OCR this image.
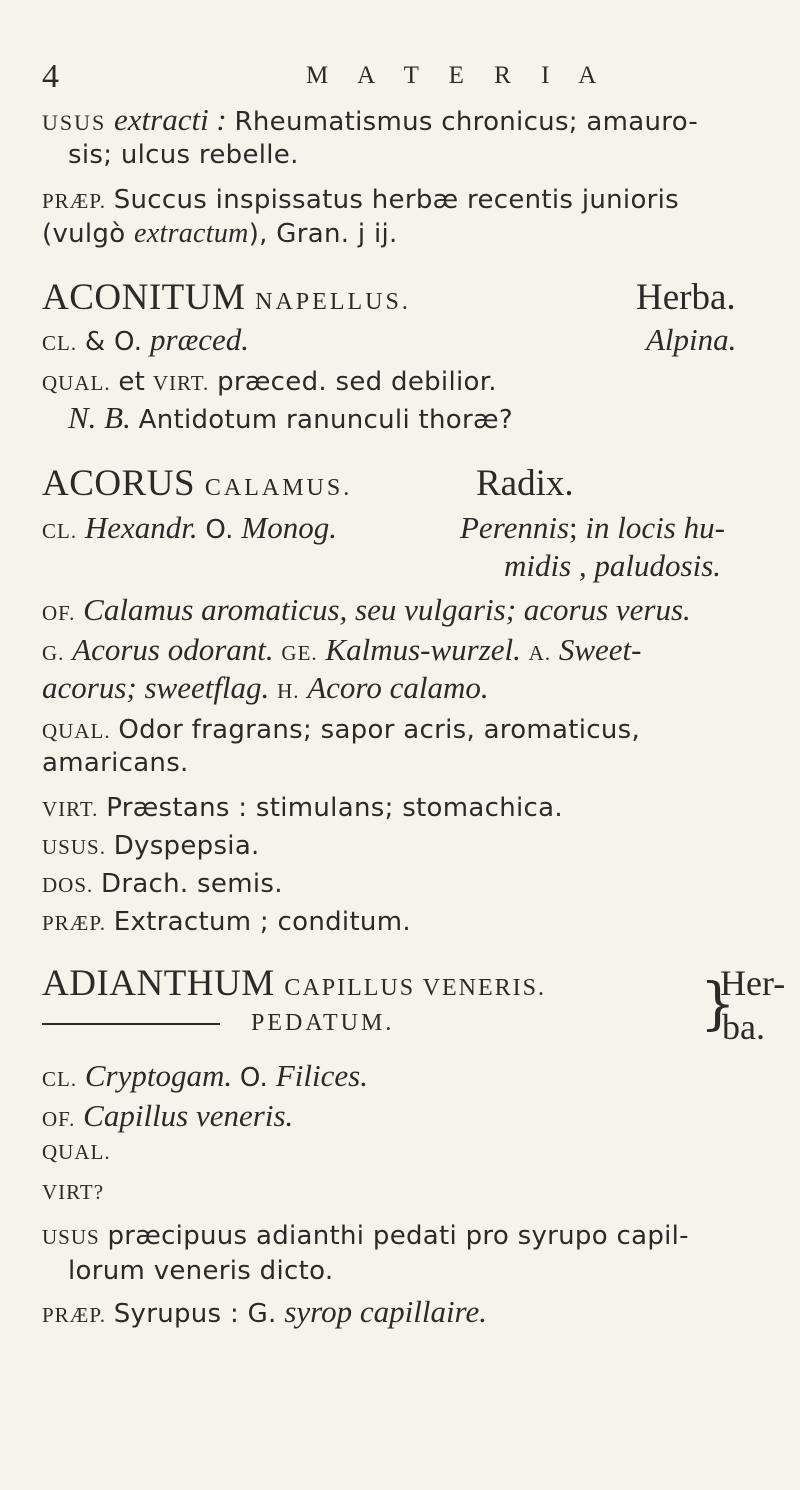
4	M A T E R I A
USUS extracti : Rheumatismus chronicus; amauro-
sis; ulcus rebelle.
PRÆP. Succus inspissatus herbæ recentis junioris
(vulgò extractum), Gran. j ij.
ACONITUM NAPELLUS.	Herba.
CL. & O. præced.	Alpina.
QUAL. et VIRT. præced. sed debilior.
N. B. Antidotum ranunculi thoræ?
ACORUS CALAMUS.	Radix.
CL. Hexandr. O. Monog.	Perennis; in locis hu-
midis , paludosis.
OF. Calamus aromaticus, seu vulgaris; acorus verus.
G. Acorus odorant. GE. Kalmus-wurzel. A. Sweet-
acorus; sweetflag. H. Acoro calamo.
QUAL. Odor fragrans; sapor acris, aromaticus,
amaricans.
VIRT. Præstans : stimulans; stomachica.
USUS. Dyspepsia.
DOS. Drach. semis.
PRÆP. Extractum ; conditum.
ADIANTHUM CAPILLUS VENERIS.
PEDATUM.	}
Her-
ba.
CL. Cryptogam. O. Filices.
OF. Capillus veneris.
QUAL.
VIRT?
USUS præcipuus adianthi pedati pro syrupo capil-
lorum veneris dicto.
PRÆP. Syrupus : G. syrop capillaire.
